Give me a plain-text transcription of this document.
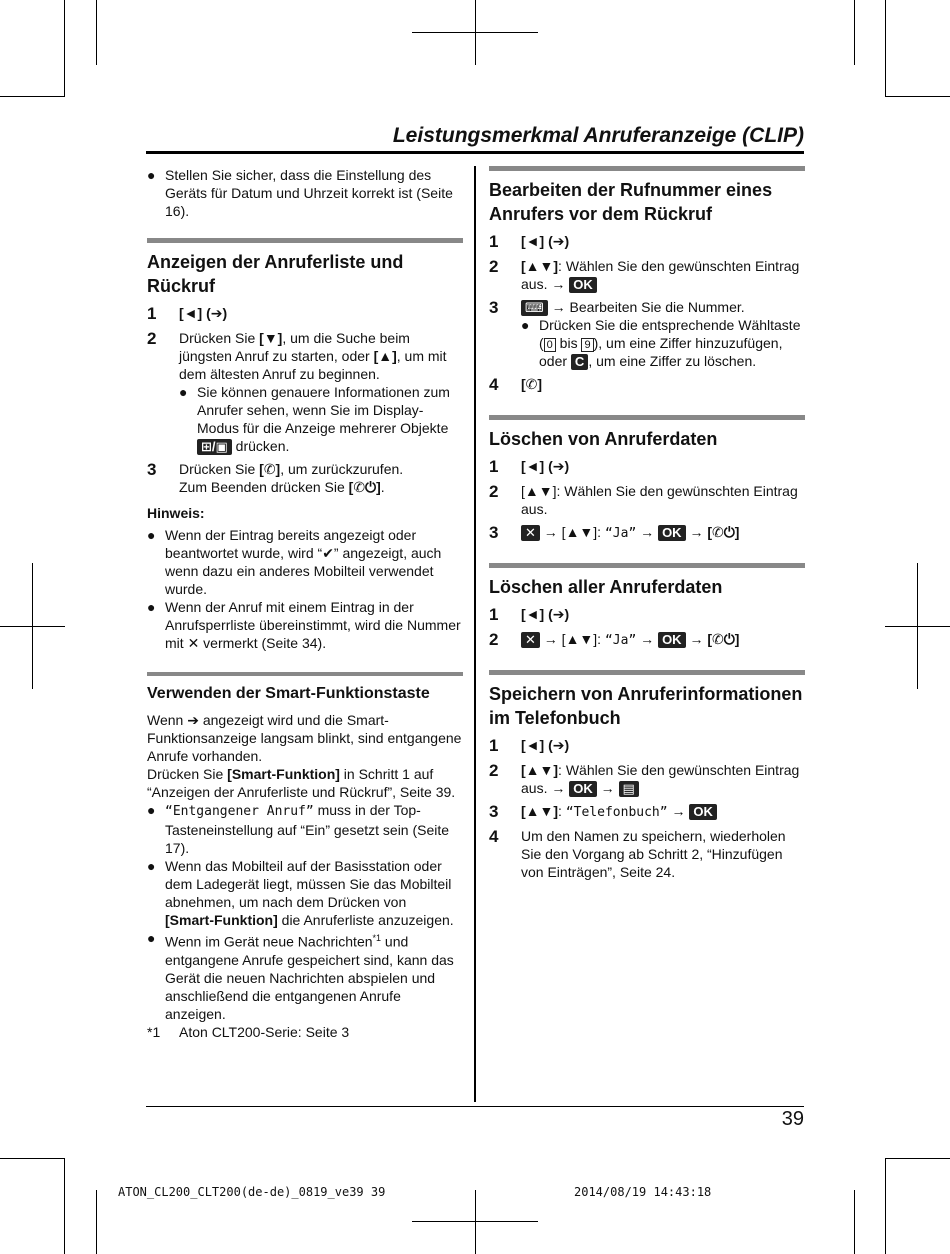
Leistungsmerkmal Anruferanzeige (CLIP)
● Stellen Sie sicher, dass die Einstellung des Geräts für Datum und Uhrzeit korrekt ist (Seite 16).
Anzeigen der Anruferliste und Rückruf
1	[◄] (➔)
2	Drücken Sie [▼], um die Suche beim jüngsten Anruf zu starten, oder [▲], um mit dem ältesten Anruf zu beginnen.
● Sie können genauere Informationen zum Anrufer sehen, wenn Sie im Display-Modus für die Anzeige mehrerer Objekte ⊞/▣ drücken.
3	Drücken Sie [✆], um zurückzurufen.
Zum Beenden drücken Sie [✆⏻].
Hinweis:
● Wenn der Eintrag bereits angezeigt oder beantwortet wurde, wird “✔” angezeigt, auch wenn dazu ein anderes Mobilteil verwendet wurde.
● Wenn der Anruf mit einem Eintrag in der Anrufsperrliste übereinstimmt, wird die Nummer mit ✕ vermerkt (Seite 34).
Verwenden der Smart-Funktionstaste
Wenn ➔ angezeigt wird und die Smart-Funktionsanzeige langsam blinkt, sind entgangene Anrufe vorhanden.
Drücken Sie [Smart-Funktion] in Schritt 1 auf “Anzeigen der Anruferliste und Rückruf”, Seite 39.
● “Entgangener Anruf” muss in der Top-Tasteneinstellung auf “Ein” gesetzt sein (Seite 17).
● Wenn das Mobilteil auf der Basisstation oder dem Ladegerät liegt, müssen Sie das Mobilteil abnehmen, um nach dem Drücken von [Smart-Funktion] die Anruferliste anzuzeigen.
● Wenn im Gerät neue Nachrichten$^{*1}$ und entgangene Anrufe gespeichert sind, kann das Gerät die neuen Nachrichten abspielen und anschließend die entgangenen Anrufe anzeigen.
*1	Aton CLT200-Serie: Seite 3
Bearbeiten der Rufnummer eines Anrufers vor dem Rückruf
1	[◄] (➔)
2	[▲▼]: Wählen Sie den gewünschten Eintrag aus. → OK
3	⌨ → Bearbeiten Sie die Nummer.
● Drücken Sie die entsprechende Wähltaste ( 0 bis 9 ), um eine Ziffer hinzuzufügen, oder C , um eine Ziffer zu löschen.
4	[✆]
Löschen von Anruferdaten
1	[◄] (➔)
2	[▲▼]: Wählen Sie den gewünschten Eintrag aus.
3	✕ → [▲▼]: “Ja” → OK → [✆⏻]
Löschen aller Anruferdaten
1	[◄] (➔)
2	✕ → [▲▼]: “Ja” → OK → [✆⏻]
Speichern von Anruferinformationen im Telefonbuch
1	[◄] (➔)
2	[▲▼]: Wählen Sie den gewünschten Eintrag aus. → OK → ▤
3	[▲▼]: “Telefonbuch” → OK
4	Um den Namen zu speichern, wiederholen Sie den Vorgang ab Schritt 2, “Hinzufügen von Einträgen”, Seite 24.
39
ATON_CL200_CLT200(de-de)_0819_ve39 39	2014/08/19 14:43:18
